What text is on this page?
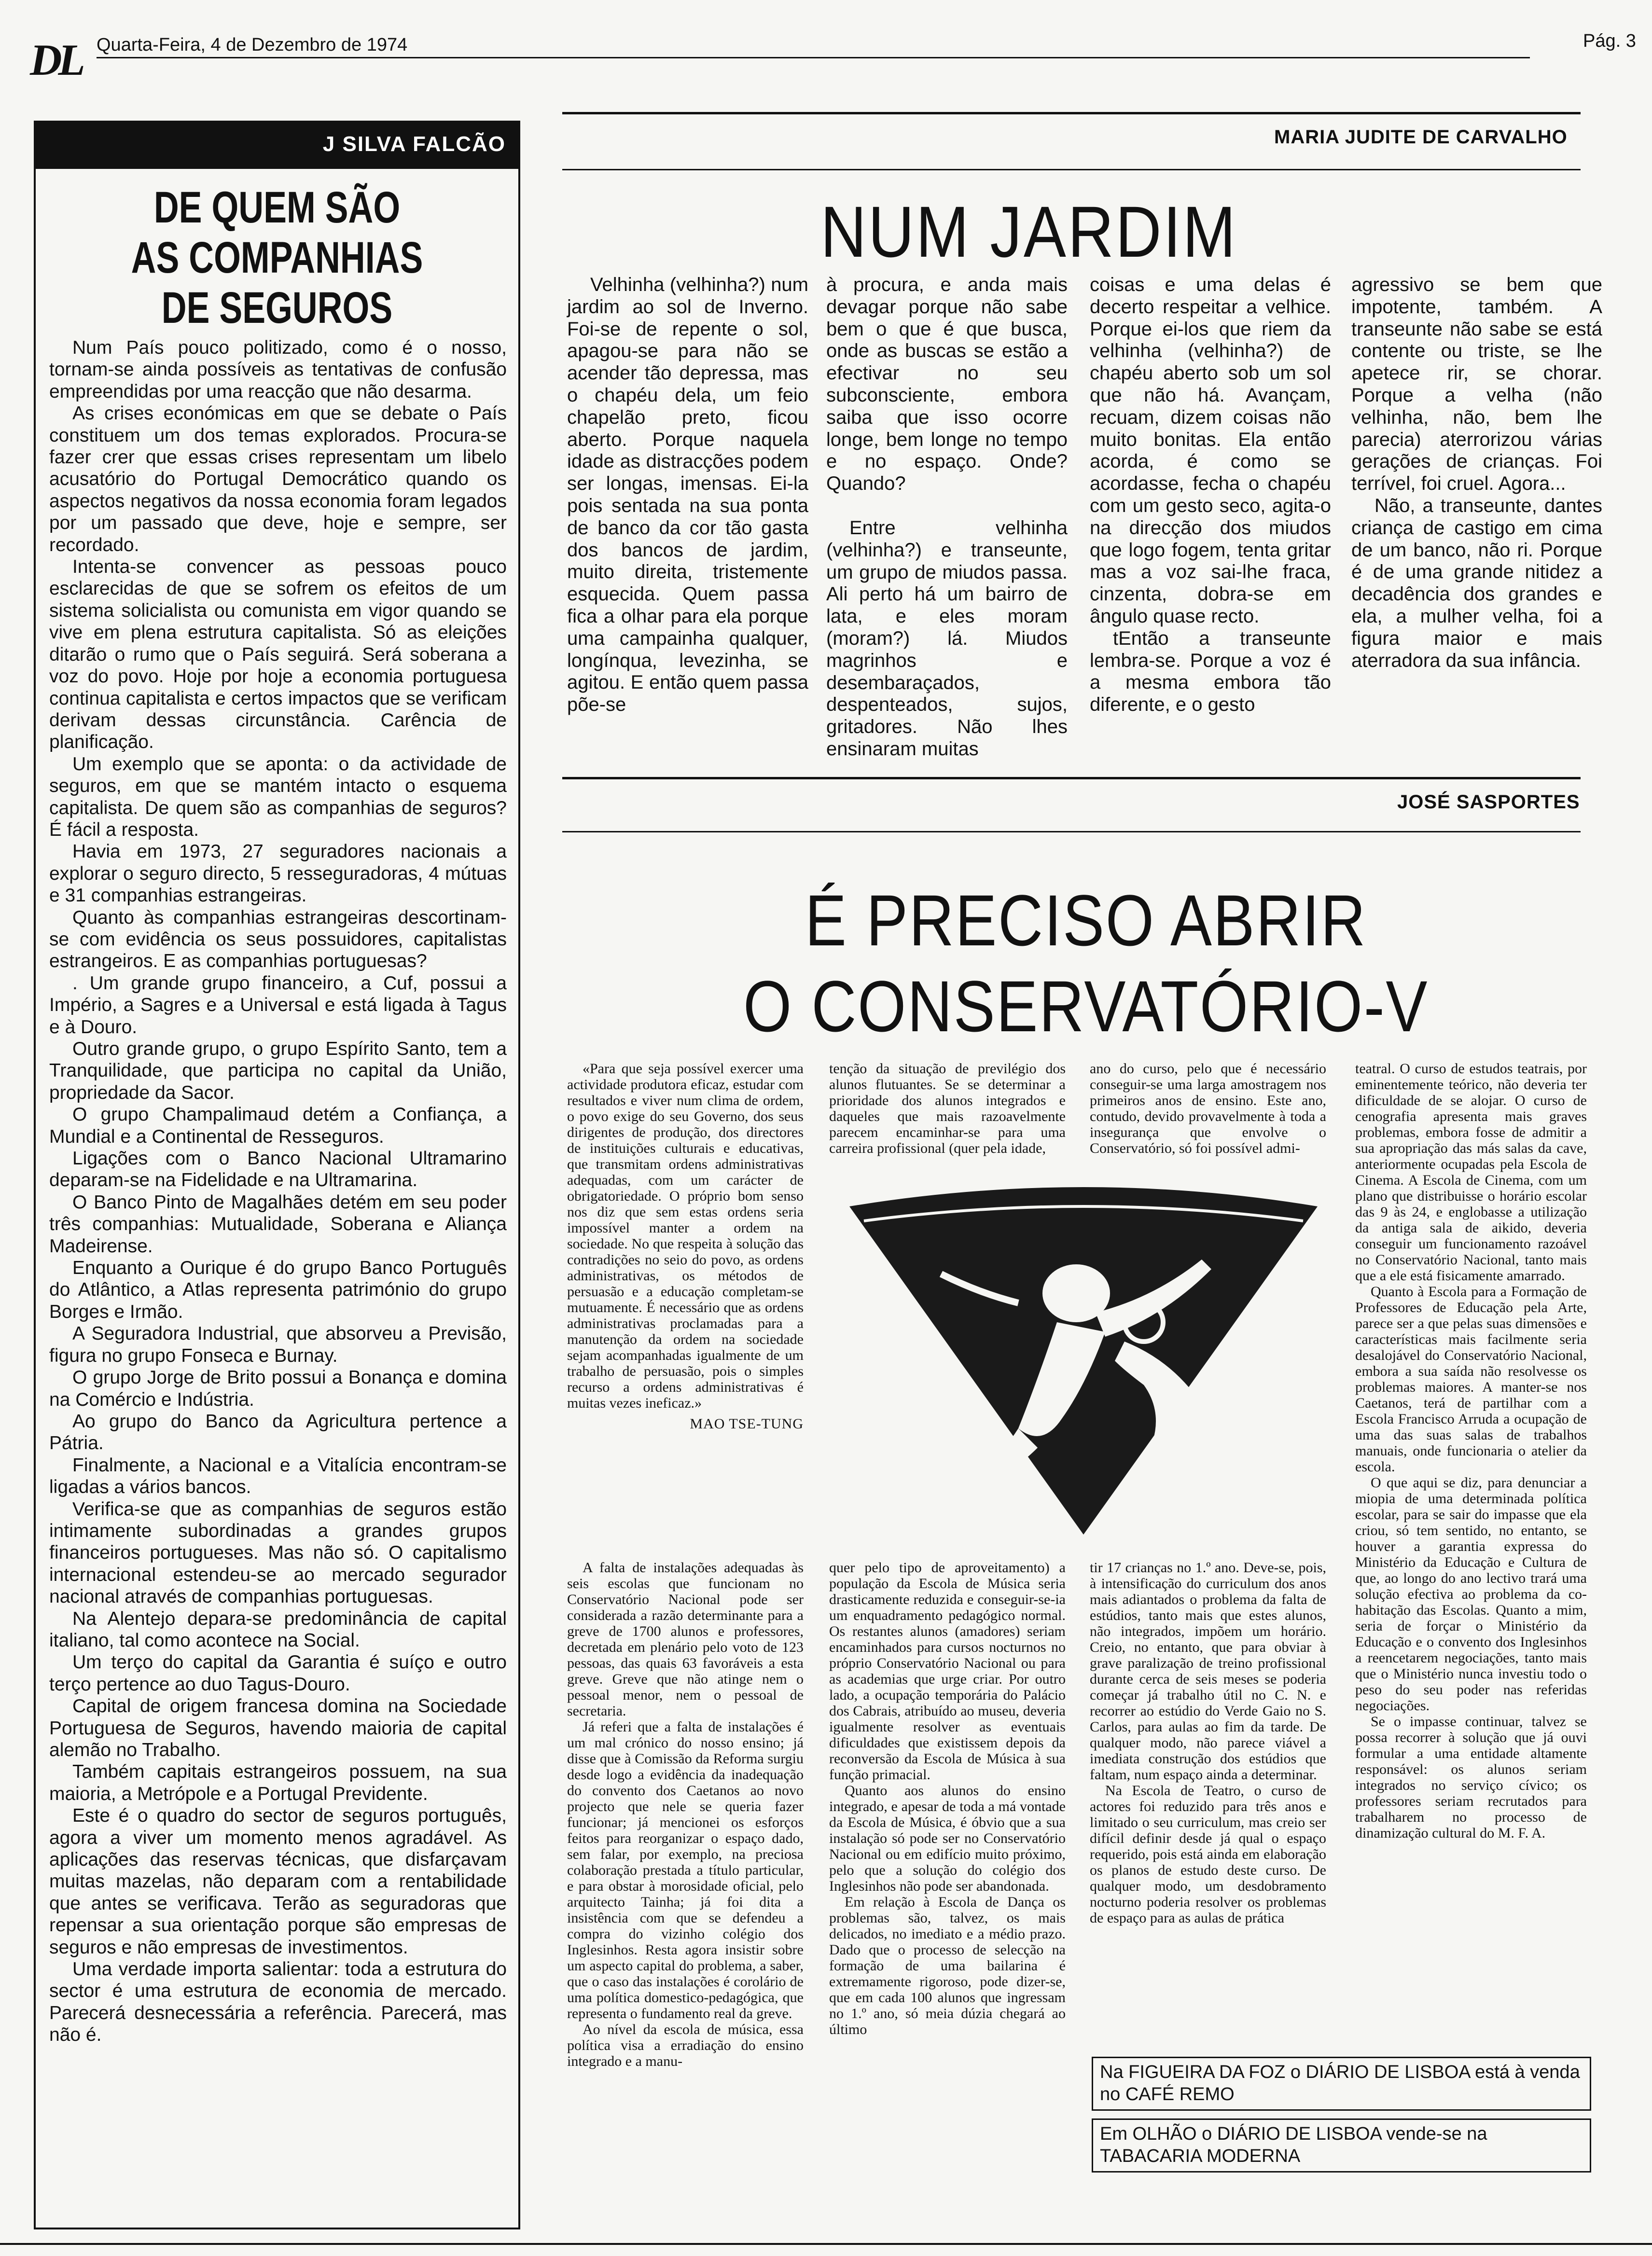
DL Quarta-Feira, 4 de Dezembro de 1974	Pág. 3
J SILVA FALCÃO
DE QUEM SÃO
AS COMPANHIAS
DE SEGUROS

Num País pouco politizado, como é o nosso, tornam-se ainda possíveis as tentativas de confusão empreendidas por uma reacção que não desarma.

As crises económicas em que se debate o País constituem um dos temas explorados. Procura-se fazer crer que essas crises representam um libelo acusatório do Portugal Democrático quando os aspectos negativos da nossa economia foram legados por um passado que deve, hoje e sempre, ser recordado.

Intenta-se convencer as pessoas pouco esclarecidas de que se sofrem os efeitos de um sistema solicialista ou comunista em vigor quando se vive em plena estrutura capitalista. Só as eleições ditarão o rumo que o País seguirá. Será soberana a voz do povo. Hoje por hoje a economia portuguesa continua capitalista e certos impactos que se verificam derivam dessas circunstância. Carência de planificação.

Um exemplo que se aponta: o da actividade de seguros, em que se mantém intacto o esquema capitalista. De quem são as companhias de seguros? É fácil a resposta.

Havia em 1973, 27 seguradores nacionais a explorar o seguro directo, 5 resseguradoras, 4 mútuas e 31 companhias estrangeiras.

Quanto às companhias estrangeiras descortinam-se com evidência os seus possuidores, capitalistas estrangeiros. E as companhias portuguesas?

. Um grande grupo financeiro, a Cuf, possui a Império, a Sagres e a Universal e está ligada à Tagus e à Douro.

Outro grande grupo, o grupo Espírito Santo, tem a Tranquilidade, que participa no capital da União, propriedade da Sacor.

O grupo Champalimaud detém a Confiança, a Mundial e a Continental de Resseguros.

Ligações com o Banco Nacional Ultramarino deparam-se na Fidelidade e na Ultramarina.

O Banco Pinto de Magalhães detém em seu poder três companhias: Mutualidade, Soberana e Aliança Madeirense.

Enquanto a Ourique é do grupo Banco Português do Atlântico, a Atlas representa património do grupo Borges e Irmão.

A Seguradora Industrial, que absorveu a Previsão, figura no grupo Fonseca e Burnay.

O grupo Jorge de Brito possui a Bonança e domina na Comércio e Indústria.

Ao grupo do Banco da Agricultura pertence a Pátria.

Finalmente, a Nacional e a Vitalícia encontram-se ligadas a vários bancos.

Verifica-se que as companhias de seguros estão intimamente subordinadas a grandes grupos financeiros portugueses. Mas não só. O capitalismo internacional estendeu-se ao mercado segurador nacional através de companhias portuguesas.

Na Alentejo depara-se predominância de capital italiano, tal como acontece na Social.

Um terço do capital da Garantia é suíço e outro terço pertence ao duo Tagus-Douro.

Capital de origem francesa domina na Sociedade Portuguesa de Seguros, havendo maioria de capital alemão no Trabalho.

Também capitais estrangeiros possuem, na sua maioria, a Metrópole e a Portugal Previdente.

Este é o quadro do sector de seguros português, agora a viver um momento menos agradável. As aplicações das reservas técnicas, que disfarçavam muitas mazelas, não deparam com a rentabilidade que antes se verificava. Terão as seguradoras que repensar a sua orientação porque são empresas de seguros e não empresas de investimentos.

Uma verdade importa salientar: toda a estrutura do sector é uma estrutura de economia de mercado. Parecerá desnecessária a referência. Parecerá, mas não é.

MARIA JUDITE DE CARVALHO
NUM JARDIM

Velhinha (velhinha?) num jardim ao sol de Inverno. Foi-se de repente o sol, apagou-se para não se acender tão depressa, mas o chapéu dela, um feio chapelão preto, ficou aberto. Porque naquela idade as distracções podem ser longas, imensas. Ei-la pois sentada na sua ponta de banco da cor tão gasta dos bancos de jardim, muito direita, tristemente esquecida. Quem passa fica a olhar para ela porque uma campainha qualquer, longínqua, levezinha, se agitou. E então quem passa põe-se

à procura, e anda mais devagar porque não sabe bem o que é que busca, onde as buscas se estão a efectivar no seu subconsciente, embora saiba que isso ocorre longe, bem longe no tempo e no espaço. Onde? Quando?

Entre velhinha (velhinha?) e transeunte, um grupo de miudos passa. Ali perto há um bairro de lata, e eles moram (moram?) lá. Miudos magrinhos e desembaraçados, despenteados, sujos, gritadores. Não lhes ensinaram muitas

coisas e uma delas é decerto respeitar a velhice. Porque ei-los que riem da velhinha (velhinha?) de chapéu aberto sob um sol que não há. Avançam, recuam, dizem coisas não muito bonitas. Ela então acorda, é como se acordasse, fecha o chapéu com um gesto seco, agita-o na direcção dos miudos que logo fogem, tenta gritar mas a voz sai-lhe fraca, cinzenta, dobra-se em ângulo quase recto.

tEntão a transeunte lembra-se. Porque a voz é a mesma embora tão diferente, e o gesto

agressivo se bem que impotente, também. A transeunte não sabe se está contente ou triste, se lhe apetece rir, se chorar. Porque a velha (não velhinha, não, bem lhe parecia) aterrorizou várias gerações de crianças. Foi terrível, foi cruel. Agora...

Não, a transeunte, dantes criança de castigo em cima de um banco, não ri. Porque é de uma grande nitidez a decadência dos grandes e ela, a mulher velha, foi a figura maior e mais aterradora da sua infância.

JOSÉ SASPORTES
É PRECISO ABRIR
O CONSERVATÓRIO-V

«Para que seja possível exercer uma actividade produtora eficaz, estudar com resultados e viver num clima de ordem, o povo exige do seu Governo, dos seus dirigentes de produção, dos directores de instituições culturais e educativas, que transmitam ordens administrativas adequadas, com um carácter de obrigatoriedade. O próprio bom senso nos diz que sem estas ordens seria impossível manter a ordem na sociedade. No que respeita à solução das contradições no seio do povo, as ordens administrativas, os métodos de persuasão e a educação completam-se mutuamente. É necessário que as ordens administrativas proclamadas para a manutenção da ordem na sociedade sejam acompanhadas igualmente de um trabalho de persuasão, pois o simples recurso a ordens administrativas é muitas vezes ineficaz.»

MAO TSE-TUNG

tenção da situação de previlégio dos alunos flutuantes. Se se determinar a prioridade dos alunos integrados e daqueles que mais razoavelmente parecem encaminhar-se para uma carreira profissional (quer pela idade,

ano do curso, pelo que é necessário conseguir-se uma larga amostragem nos primeiros anos de ensino. Este ano, contudo, devido provavelmente à toda a insegurança que envolve o Conservatório, só foi possível admi-

A falta de instalações adequadas às seis escolas que funcionam no Conservatório Nacional pode ser considerada a razão determinante para a greve de 1700 alunos e professores, decretada em plenário pelo voto de 123 pessoas, das quais 63 favoráveis a esta greve. Greve que não atinge nem o pessoal menor, nem o pessoal de secretaria.

Já referi que a falta de instalações é um mal crónico do nosso ensino; já disse que à Comissão da Reforma surgiu desde logo a evidência da inadequação do convento dos Caetanos ao novo projecto que nele se queria fazer funcionar; já mencionei os esforços feitos para reorganizar o espaço dado, sem falar, por exemplo, na preciosa colaboração prestada a título particular, e para obstar à morosidade oficial, pelo arquitecto Tainha; já foi dita a insistência com que se defendeu a compra do vizinho colégio dos Inglesinhos. Resta agora insistir sobre um aspecto capital do problema, a saber, que o caso das instalações é corolário de uma política domestico-pedagógica, que representa o fundamento real da greve.

Ao nível da escola de música, essa política visa a erradiação do ensino integrado e a manu-

quer pelo tipo de aproveitamento) a população da Escola de Música seria drasticamente reduzida e conseguir-se-ia um enquadramento pedagógico normal. Os restantes alunos (amadores) seriam encaminhados para cursos nocturnos no próprio Conservatório Nacional ou para as academias que urge criar. Por outro lado, a ocupação temporária do Palácio dos Cabrais, atribuído ao museu, deveria igualmente resolver as eventuais dificuldades que existissem depois da reconversão da Escola de Música à sua função primacial.

Quanto aos alunos do ensino integrado, e apesar de toda a má vontade da Escola de Música, é óbvio que a sua instalação só pode ser no Conservatório Nacional ou em edifício muito próximo, pelo que a solução do colégio dos Inglesinhos não pode ser abandonada.

Em relação à Escola de Dança os problemas são, talvez, os mais delicados, no imediato e a médio prazo. Dado que o processo de selecção na formação de uma bailarina é extremamente rigoroso, pode dizer-se, que em cada 100 alunos que ingressam no 1.º ano, só meia dúzia chegará ao último

tir 17 crianças no 1.º ano. Deve-se, pois, à intensificação do curriculum dos anos mais adiantados o problema da falta de estúdios, tanto mais que estes alunos, não integrados, impõem um horário. Creio, no entanto, que para obviar à grave paralização de treino profissional durante cerca de seis meses se poderia começar já trabalho útil no C. N. e recorrer ao estúdio do Verde Gaio no S. Carlos, para aulas ao fim da tarde. De qualquer modo, não parece viável a imediata construção dos estúdios que faltam, num espaço ainda a determinar.

Na Escola de Teatro, o curso de actores foi reduzido para três anos e limitado o seu curriculum, mas creio ser difícil definir desde já qual o espaço requerido, pois está ainda em elaboração os planos de estudo deste curso. De qualquer modo, um desdobramento nocturno poderia resolver os problemas de espaço para as aulas de prática

teatral. O curso de estudos teatrais, por eminentemente teórico, não deveria ter dificuldade de se alojar. O curso de cenografia apresenta mais graves problemas, embora fosse de admitir a sua apropriação das más salas da cave, anteriormente ocupadas pela Escola de Cinema. A Escola de Cinema, com um plano que distribuisse o horário escolar das 9 às 24, e englobasse a utilização da antiga sala de aikido, deveria conseguir um funcionamento razoável no Conservatório Nacional, tanto mais que a ele está fisicamente amarrado.

Quanto à Escola para a Formação de Professores de Educação pela Arte, parece ser a que pelas suas dimensões e características mais facilmente seria desalojável do Conservatório Nacional, embora a sua saída não resolvesse os problemas maiores. A manter-se nos Caetanos, terá de partilhar com a Escola Francisco Arruda a ocupação de uma das suas salas de trabalhos manuais, onde funcionaria o atelier da escola.

O que aqui se diz, para denunciar a miopia de uma determinada política escolar, para se sair do impasse que ela criou, só tem sentido, no entanto, se houver a garantia expressa do Ministério da Educação e Cultura de que, ao longo do ano lectivo trará uma solução efectiva ao problema da co-habitação das Escolas. Quanto a mim, seria de forçar o Ministério da Educação e o convento dos Inglesinhos a reencetarem negociações, tanto mais que o Ministério nunca investiu todo o peso do seu poder nas referidas negociações.

Se o impasse continuar, talvez se possa recorrer à solução que já ouvi formular a uma entidade altamente responsável: os alunos seriam integrados no serviço cívico; os professores seriam recrutados para trabalharem no processo de dinamização cultural do M. F. A.

Na FIGUEIRA DA FOZ o DIÁRIO DE LISBOA está à venda no CAFÉ REMO
Em OLHÃO o DIÁRIO DE LISBOA vende-se na TABACARIA MODERNA
